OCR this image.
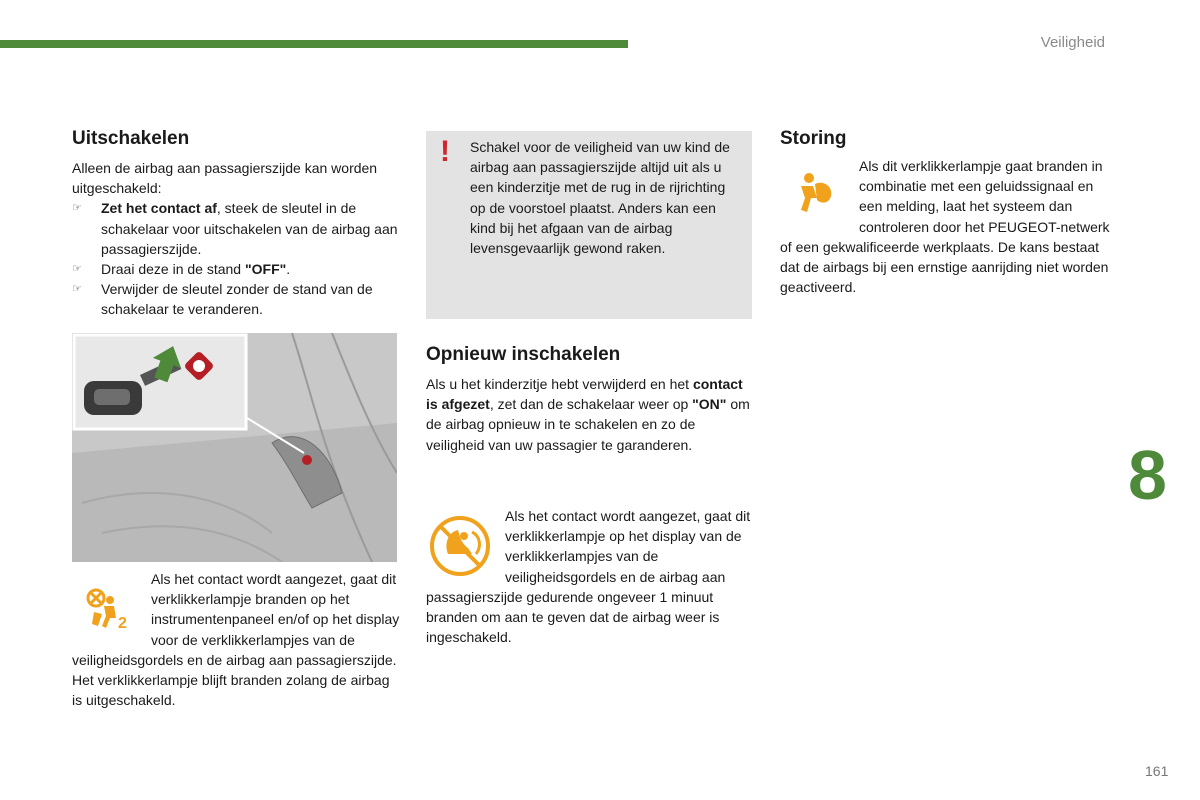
Veiligheid
Uitschakelen

Alleen de airbag aan passagierszijde kan worden uitgeschakeld:

☞ Zet het contact af, steek de sleutel in de schakelaar voor uitschakelen van de airbag aan passagierszijde.
☞ Draai deze in de stand "OFF".
☞ Verwijder de sleutel zonder de stand van de schakelaar te veranderen.
2

Als het contact wordt aangezet, gaat dit verklikkerlampje branden op het instrumentenpaneel en/of op het display voor de verklikkerlampjes van de veiligheidsgordels en de airbag aan passagierszijde. Het verklikkerlampje blijft branden zolang de airbag is uitgeschakeld.

! Schakel voor de veiligheid van uw kind de airbag aan passagierszijde altijd uit als u een kinderzitje met de rug in de rijrichting op de voorstoel plaatst. Anders kan een kind bij het afgaan van de airbag levensgevaarlijk gewond raken.

Opnieuw inschakelen

Als u het kinderzitje hebt verwijderd en het contact is afgezet, zet dan de schakelaar weer op "ON" om de airbag opnieuw in te schakelen en zo de veiligheid van uw passagier te garanderen.

Als het contact wordt aangezet, gaat dit verklikkerlampje op het display van de verklikkerlampjes van de veiligheidsgordels en de airbag aan passagierszijde gedurende ongeveer 1 minuut branden om aan te geven dat de airbag weer is ingeschakeld.

Storing

Als dit verklikkerlampje gaat branden in combinatie met een geluidssignaal en een melding, laat het systeem dan controleren door het PEUGEOT-netwerk of een gekwalificeerde werkplaats. De kans bestaat dat de airbags bij een ernstige aanrijding niet worden geactiveerd.

8
161
